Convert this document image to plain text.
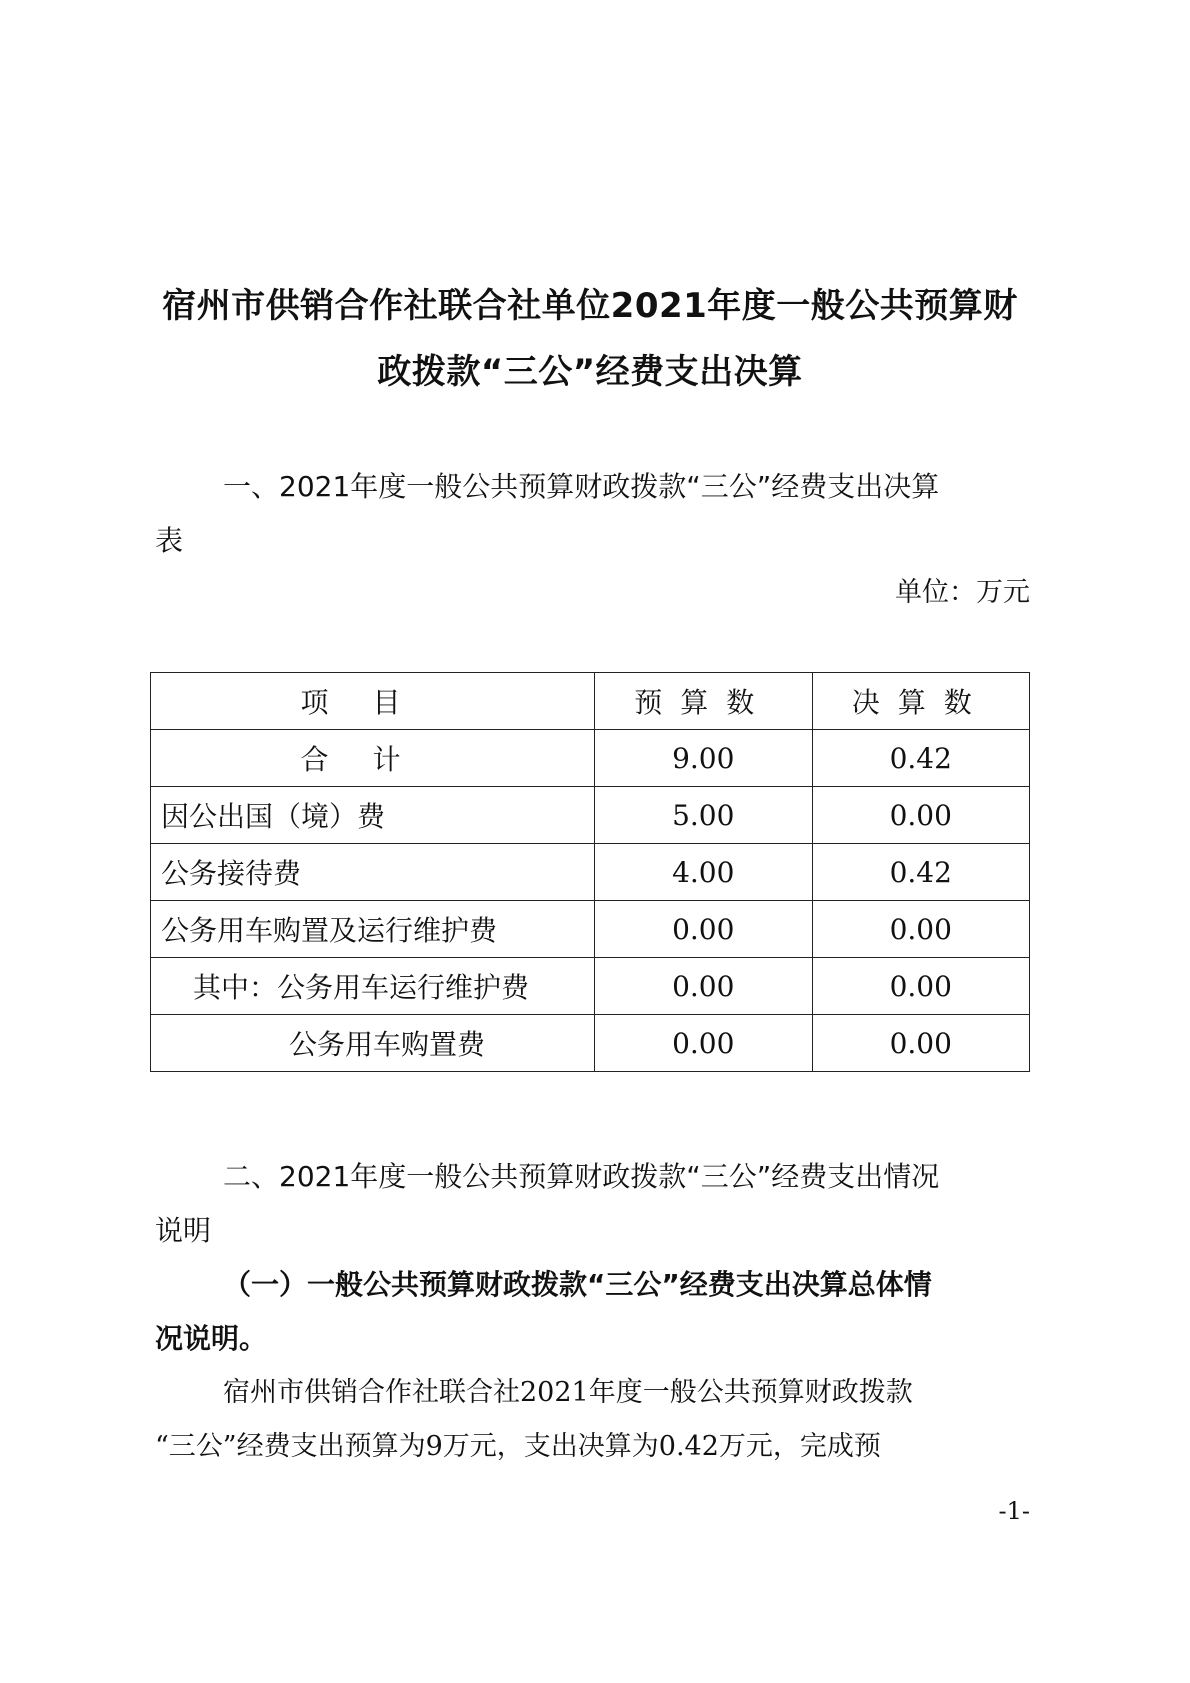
宿州市供销合作社联合社单位2021年度一般公共预算财
政拨款“三公”经费支出决算
一、2021年度一般公共预算财政拨款“三公”经费支出决算
表
单位：万元
项目	预算数	决算数
合计	9.00	0.42
因公出国（境）费	5.00	0.00
公务接待费	4.00	0.42
公务用车购置及运行维护费	0.00	0.00
其中：公务用车运行维护费	0.00	0.00
公务用车购置费	0.00	0.00
二、2021年度一般公共预算财政拨款“三公”经费支出情况
说明
（一）一般公共预算财政拨款“三公”经费支出决算总体情
况说明。
宿州市供销合作社联合社2021年度一般公共预算财政拨款
“三公”经费支出预算为9万元，支出决算为0.42万元，完成预
-1-
